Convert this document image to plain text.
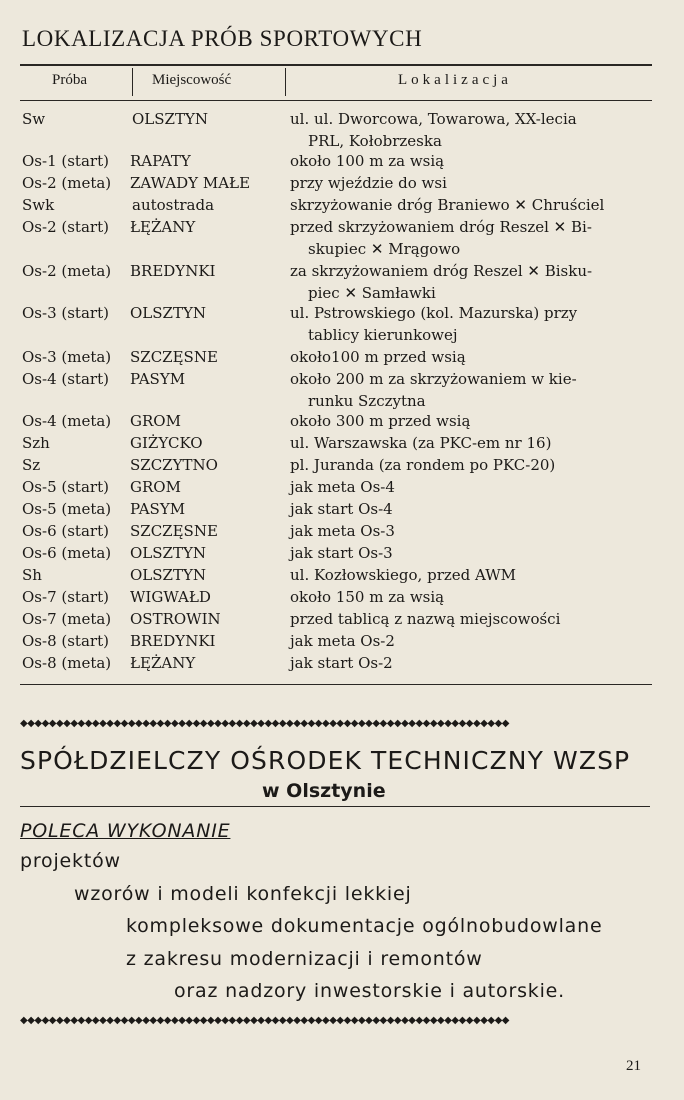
LOKALIZACJA PRÓB SPORTOWYCH
Próba	Miejscowość	Lokalizacja
Sw	OLSZTYN	ul. ul. Dworcowa, Towarowa, XX-lecia
PRL, Kołobrzeska
Os-1 (start) RAPATY	około 100 m za wsią
Os-2 (meta) ZAWADY MAŁE	przy wjeździe do wsi
Swk	autostrada	skrzyżowanie dróg Braniewo ✕ Chruściel
Os-2 (start) ŁĘŻANY	przed skrzyżowaniem dróg Reszel ✕ Bi-
skupiec ✕ Mrągowo
Os-2 (meta) BREDYNKI	za skrzyżowaniem dróg Reszel ✕ Bisku-
piec ✕ Samławki
Os-3 (start) OLSZTYN	ul. Pstrowskiego (kol. Mazurska) przy
tablicy kierunkowej
Os-3 (meta) SZCZĘSNE	około100 m przed wsią
Os-4 (start) PASYM	około 200 m za skrzyżowaniem w kie-
runku Szczytna
Os-4 (meta) GROM	około 300 m przed wsią
Szh	GIŻYCKO	ul. Warszawska (za PKC-em nr 16)
Sz	SZCZYTNO	pl. Juranda (za rondem po PKC-20)
Os-5 (start) GROM	jak meta Os-4
Os-5 (meta) PASYM	jak start Os-4
Os-6 (start) SZCZĘSNE	jak meta Os-3
Os-6 (meta) OLSZTYN	jak start Os-3
Sh	OLSZTYN	ul. Kozłowskiego, przed AWM
Os-7 (start) WIGWAŁD	około 150 m za wsią
Os-7 (meta) OSTROWIN	przed tablicą z nazwą miejscowości
Os-8 (start) BREDYNKI	jak meta Os-2
Os-8 (meta) ŁĘŻANY	jak start Os-2
◆◆◆◆◆◆◆◆◆◆◆◆◆◆◆◆◆◆◆◆◆◆◆◆◆◆◆◆◆◆◆◆◆◆◆◆◆◆◆◆◆◆◆◆◆◆◆◆◆◆◆◆◆◆◆◆◆◆◆◆◆◆◆◆◆◆◆◆
SPÓŁDZIELCZY OŚRODEK TECHNICZNY WZSP
w Olsztynie
POLECA WYKONANIE
projektów
wzorów i modeli konfekcji lekkiej
kompleksowe dokumentacje ogólnobudowlane
z zakresu modernizacji i remontów
oraz nadzory inwestorskie i autorskie.
◆◆◆◆◆◆◆◆◆◆◆◆◆◆◆◆◆◆◆◆◆◆◆◆◆◆◆◆◆◆◆◆◆◆◆◆◆◆◆◆◆◆◆◆◆◆◆◆◆◆◆◆◆◆◆◆◆◆◆◆◆◆◆◆◆◆◆◆
21
